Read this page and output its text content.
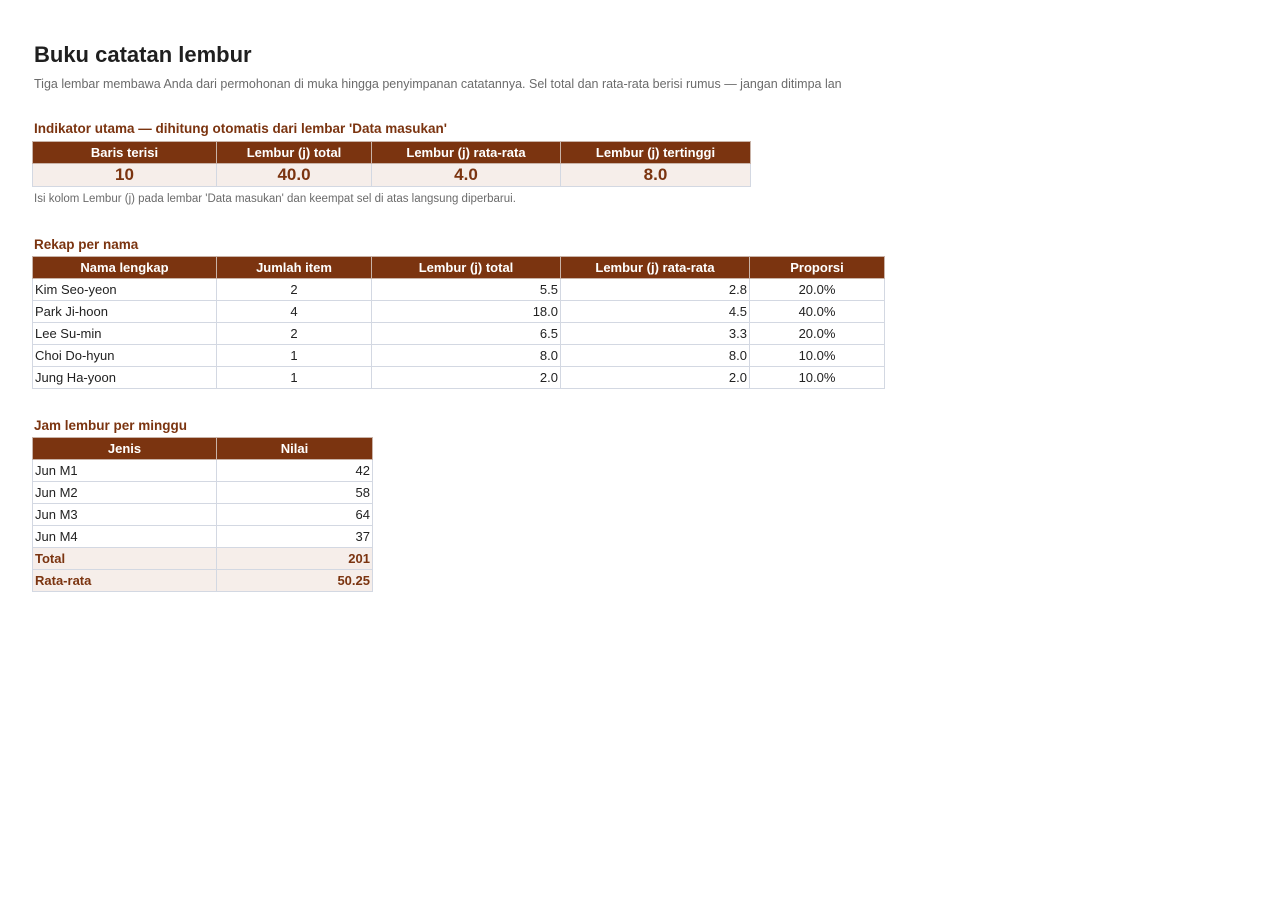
Buku catatan lembur
Tiga lembar membawa Anda dari permohonan di muka hingga penyimpanan catatannya. Sel total dan rata-rata berisi rumus — jangan ditimpa lan
Indikator utama — dihitung otomatis dari lembar 'Data masukan'
Baris terisi	Lembur (j) total	Lembur (j) rata-rata	Lembur (j) tertinggi
10	40.0	4.0	8.0
Isi kolom Lembur (j) pada lembar 'Data masukan' dan keempat sel di atas langsung diperbarui.
Rekap per nama
Nama lengkap	Jumlah item	Lembur (j) total	Lembur (j) rata-rata	Proporsi
Kim Seo-yeon	2	5.5	2.8	20.0%
Park Ji-hoon	4	18.0	4.5	40.0%
Lee Su-min	2	6.5	3.3	20.0%
Choi Do-hyun	1	8.0	8.0	10.0%
Jung Ha-yoon	1	2.0	2.0	10.0%
Jam lembur per minggu
Jenis	Nilai
Jun M1	42
Jun M2	58
Jun M3	64
Jun M4	37
Total	201
Rata-rata	50.25
